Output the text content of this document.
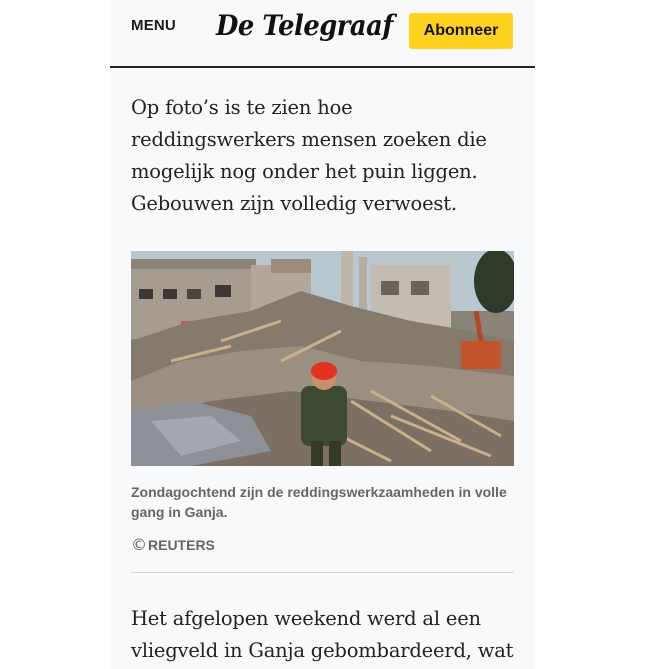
MENU De Telegraaf	Abonneer

Op foto’s is te zien hoe reddingswerkers mensen zoeken die mogelijk nog onder het puin liggen. Gebouwen zijn volledig verwoest.

Zondagochtend zijn de reddingswerkzaamheden in volle gang in Ganja.
© REUTERS

Het afgelopen weekend werd al een vliegveld in Ganja gebombardeerd, wat
